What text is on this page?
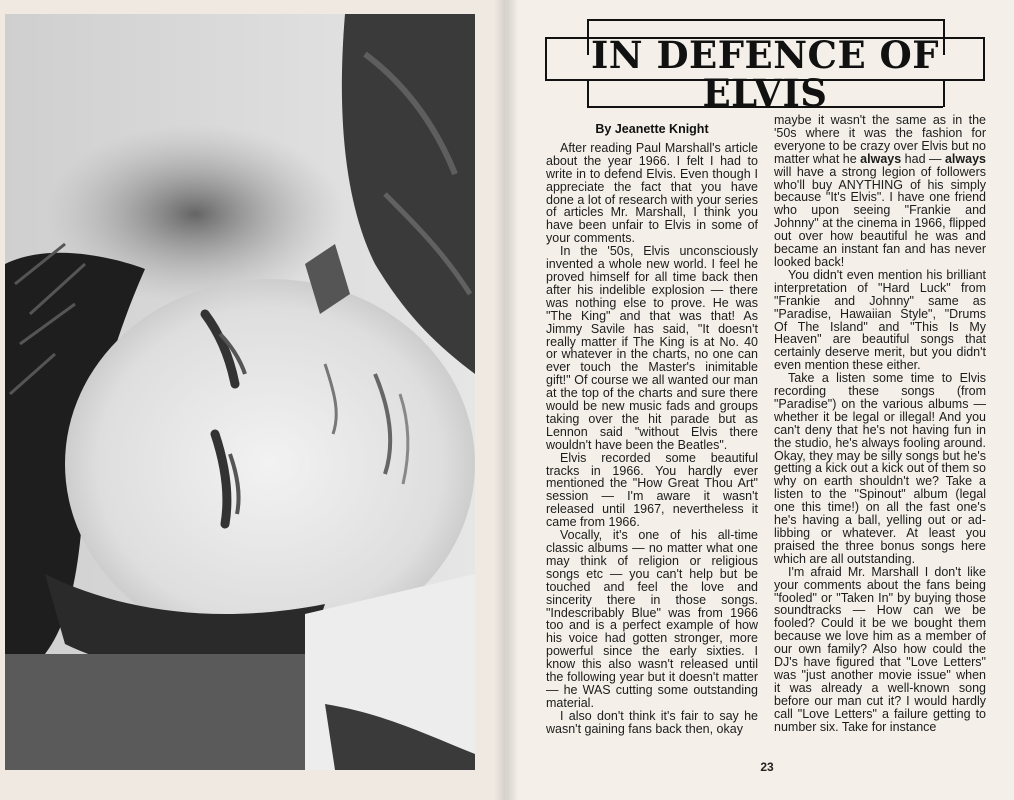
IN DEFENCE OF
ELVIS
By Jeanette Knight

After reading Paul Marshall's article about the year 1966. I felt I had to write in to defend Elvis. Even though I appreciate the fact that you have done a lot of research with your series of articles Mr. Marshall, I think you have been unfair to Elvis in some of your comments.

In the '50s, Elvis unconsciously invented a whole new world. I feel he proved himself for all time back then after his indelible explosion — there was nothing else to prove. He was "The King" and that was that! As Jimmy Savile has said, "It doesn't really matter if The King is at No. 40 or whatever in the charts, no one can ever touch the Master's inimitable gift!" Of course we all wanted our man at the top of the charts and sure there would be new music fads and groups taking over the hit parade but as Lennon said "without Elvis there wouldn't have been the Beatles".

Elvis recorded some beautiful tracks in 1966. You hardly ever mentioned the "How Great Thou Art" session — I'm aware it wasn't released until 1967, nevertheless it came from 1966.

Vocally, it's one of his all-time classic albums — no matter what one may think of religion or religious songs etc — you can't help but be touched and feel the love and sincerity there in those songs. "Indescribably Blue" was from 1966 too and is a perfect example of how his voice had gotten stronger, more powerful since the early sixties. I know this also wasn't released until the following year but it doesn't matter — he WAS cutting some outstanding material.

I also don't think it's fair to say he wasn't gaining fans back then, okay

maybe it wasn't the same as in the '50s where it was the fashion for everyone to be crazy over Elvis but no matter what he always had — always will have a strong legion of followers who'll buy ANYTHING of his simply because "It's Elvis". I have one friend who upon seeing "Frankie and Johnny" at the cinema in 1966, flipped out over how beautiful he was and became an instant fan and has never looked back!

You didn't even mention his brilliant interpretation of "Hard Luck" from "Frankie and Johnny" same as "Paradise, Hawaiian Style", "Drums Of The Island" and "This Is My Heaven" are beautiful songs that certainly deserve merit, but you didn't even mention these either.

Take a listen some time to Elvis recording these songs (from "Paradise") on the various albums — whether it be legal or illegal! And you can't deny that he's not having fun in the studio, he's always fooling around. Okay, they may be silly songs but he's getting a kick out a kick out of them so why on earth shouldn't we? Take a listen to the "Spinout" album (legal one this time!) on all the fast one's he's having a ball, yelling out or ad-libbing or whatever. At least you praised the three bonus songs here which are all outstanding.

I'm afraid Mr. Marshall I don't like your comments about the fans being "fooled" or "Taken In" by buying those soundtracks — How can we be fooled? Could it be we bought them because we love him as a member of our own family? Also how could the DJ's have figured that "Love Letters" was "just another movie issue" when it was already a well-known song before our man cut it? I would hardly call "Love Letters" a failure getting to number six. Take for instance

23
